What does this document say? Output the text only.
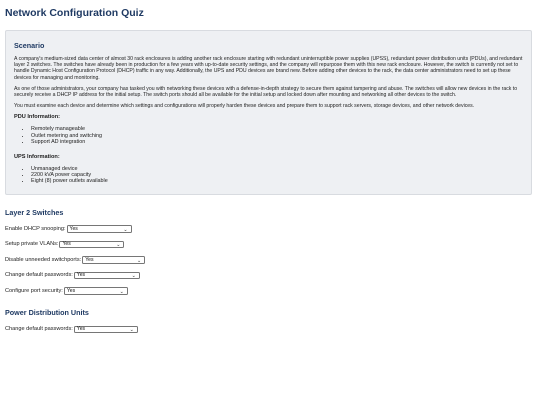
Network Configuration Quiz
Scenario

A company's medium-sized data center of almost 30 rack enclosures is adding another rack enclosure starting with redundant uninterruptible power supplies (UPSS), redundant power distribution units (PDUs), and redundant layer 2 switches. The switches have already been in production for a few years with up-to-date security settings, and the company will repurpose them with this new rack enclosure. However, the switch is currently not set to handle Dynamic Host Configuration Protocol (DHCP) traffic in any way. Additionally, the UPS and PDU devices are brand new. Before adding other devices to the rack, the data center administrators need to set up these devices for managing and monitoring.

As one of those administrators, your company has tasked you with networking these devices with a defense-in-depth strategy to secure them against tampering and abuse. The switches will allow new devices in the rack to securely receive a DHCP IP address for the initial setup. The switch ports should all be available for the initial setup and locked down after mounting and networking all other devices to the switch.

You must examine each device and determine which settings and configurations will properly harden these devices and prepare them to support rack servers, storage devices, and other network devices.

PDU Information:
• Remotely manageable
• Outlet metering and switching
• Support AD integration
UPS Information:
• Unmanaged device
• 2200 kVA power capacity
• Eight (8) power outlets available
Layer 2 Switches
Enable DHCP snooping: Yes	⌄
Setup private VLANs: Yes	⌄
Disable unneeded switchports: Yes	⌄
Change default passwords: Yes	⌄
Configure port security: Yes	⌄
Power Distribution Units
Change default passwords: Yes	⌄
